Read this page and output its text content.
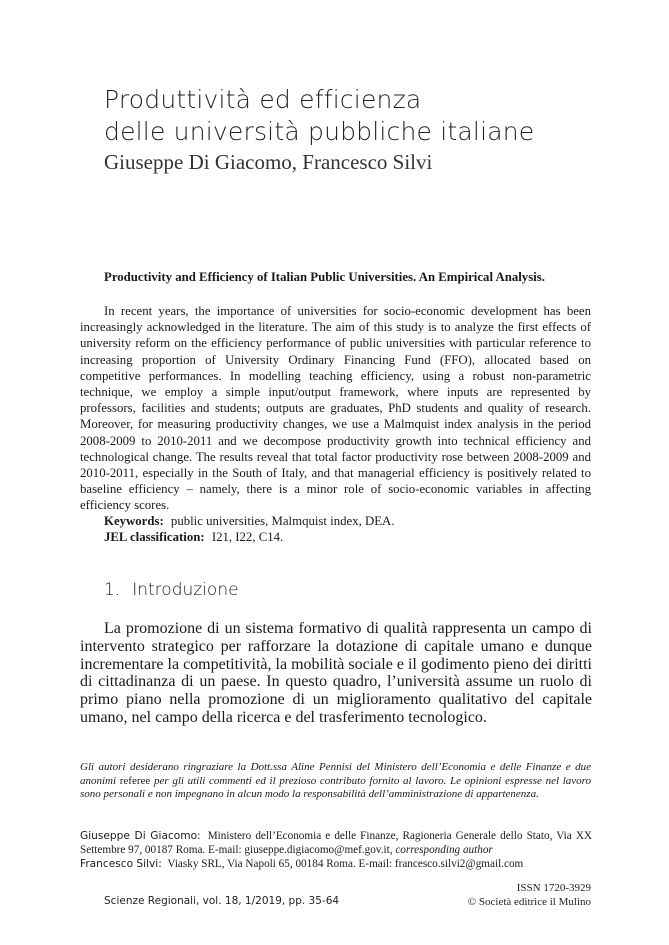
Produttività ed efficienza
delle università pubbliche italiane
Giuseppe Di Giacomo, Francesco Silvi
Productivity and Efficiency of Italian Public Universities. An Empirical Analysis.

In recent years, the importance of universities for socio-economic development has been increasingly acknowledged in the literature. The aim of this study is to analyze the first effects of university reform on the efficiency performance of public universities with particular reference to increasing proportion of University Ordinary Financing Fund (FFO), allocated based on competitive performances. In modelling teaching efficiency, using a robust non-parametric technique, we employ a simple input/output framework, where inputs are represented by professors, facilities and students; outputs are graduates, PhD students and quality of research. Moreover, for measuring productivity changes, we use a Malmquist index analysis in the period 2008-2009 to 2010-2011 and we decompose productivity growth into technical efficiency and technological change. The results reveal that total factor productivity rose between 2008-2009 and 2010-2011, especially in the South of Italy, and that managerial efficiency is positively related to baseline efficiency – namely, there is a minor role of socio-economic variables in affecting efficiency scores.

Keywords: public universities, Malmquist index, DEA.
JEL classification: I21, I22, C14.
1. Introduzione

La promozione di un sistema formativo di qualità rappresenta un campo di intervento strategico per rafforzare la dotazione di capitale umano e dunque incrementare la competitività, la mobilità sociale e il godimento pieno dei diritti di cittadinanza di un paese. In questo quadro, l’università assume un ruolo di primo piano nella promozione di un miglioramento qualitativo del capitale umano, nel campo della ricerca e del trasferimento tecnologico.

Gli autori desiderano ringraziare la Dott.ssa Aline Pennisi del Ministero dell’Economia e delle Finanze e due anonimi referee per gli utili commenti ed il prezioso contributo fornito al lavoro. Le opinioni espresse nel lavoro sono personali e non impegnano in alcun modo la responsabilità dell’amministrazione di appartenenza.

Giuseppe Di Giacomo: Ministero dell’Economia e delle Finanze, Ragioneria Generale dello Stato, Via XX Settembre 97, 00187 Roma. E-mail: giuseppe.digiacomo@mef.gov.it, corresponding author

Francesco Silvi: Viasky SRL, Via Napoli 65, 00184 Roma. E-mail: francesco.silvi2@gmail.com

Scienze Regionali, vol. 18, 1/2019, pp. 35-64
ISSN 1720-3929
© Società editrice il Mulino
